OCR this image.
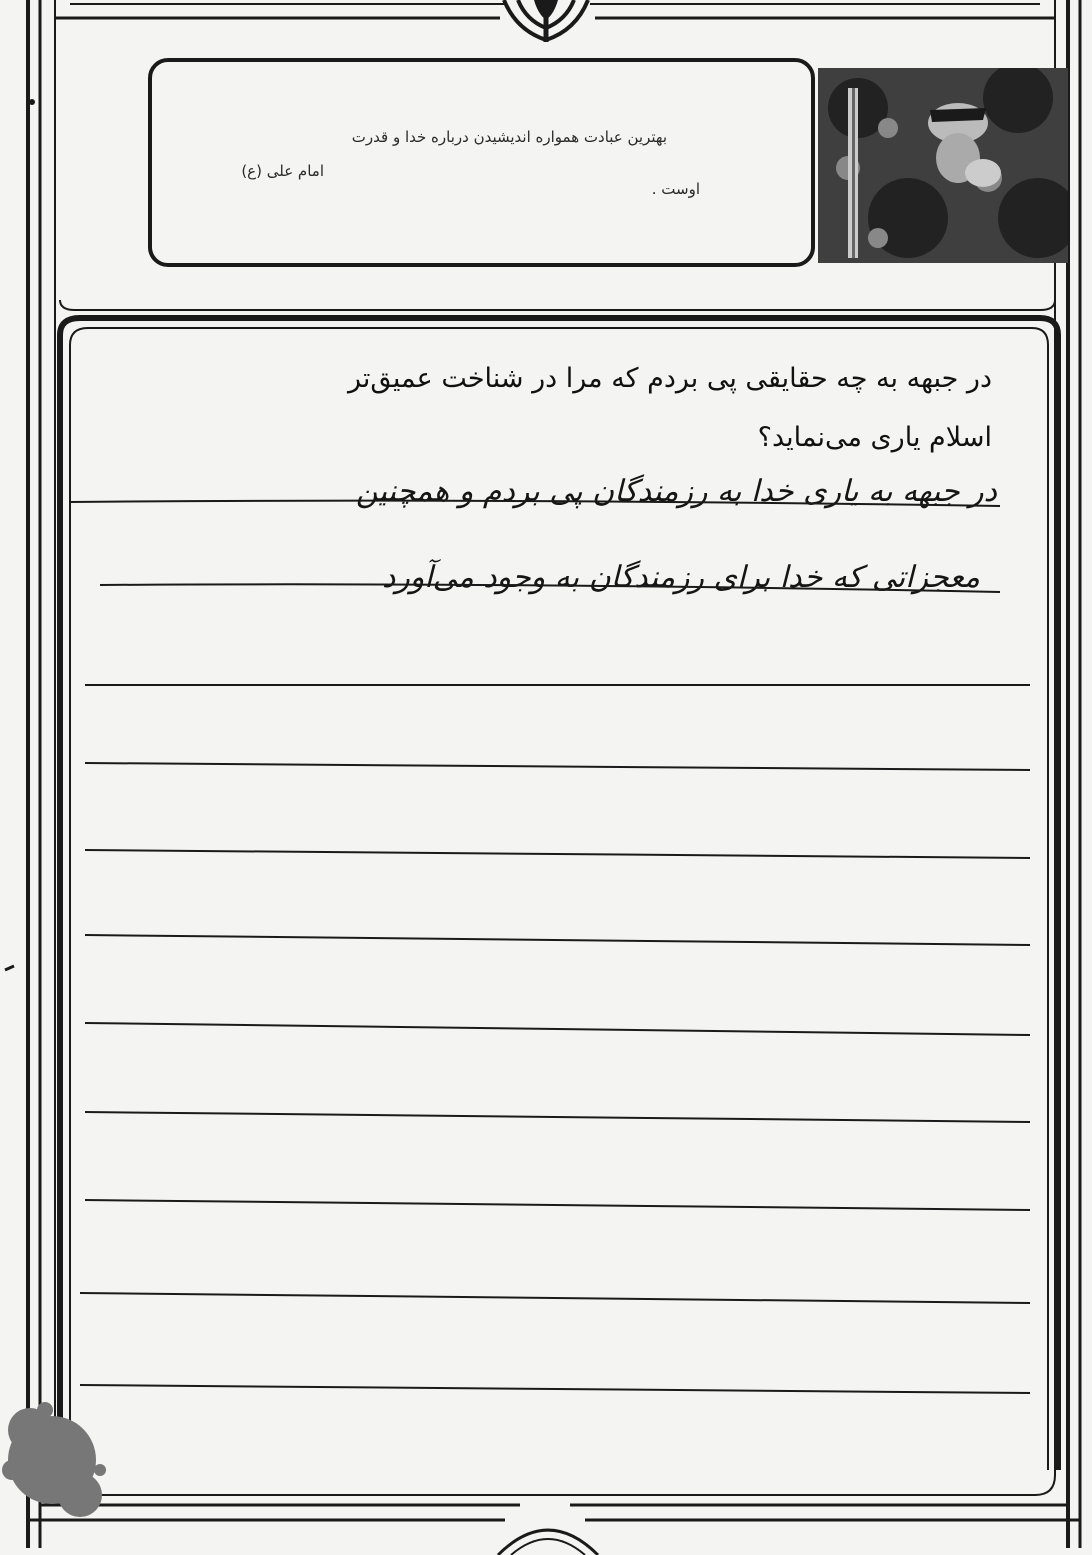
بهترین عبادت همواره اندیشیدن درباره خدا و قدرت
اوست .
امام علی (ع)
در جبهه به چه حقایقی پی بردم که مرا در شناخت عمیق‌تر
اسلام یاری می‌نماید؟
در جبهه به یاری خدا به رزمندگان پی بردم و همچنین
معجزاتی که خدا برای رزمندگان به وجود می‌آورد
